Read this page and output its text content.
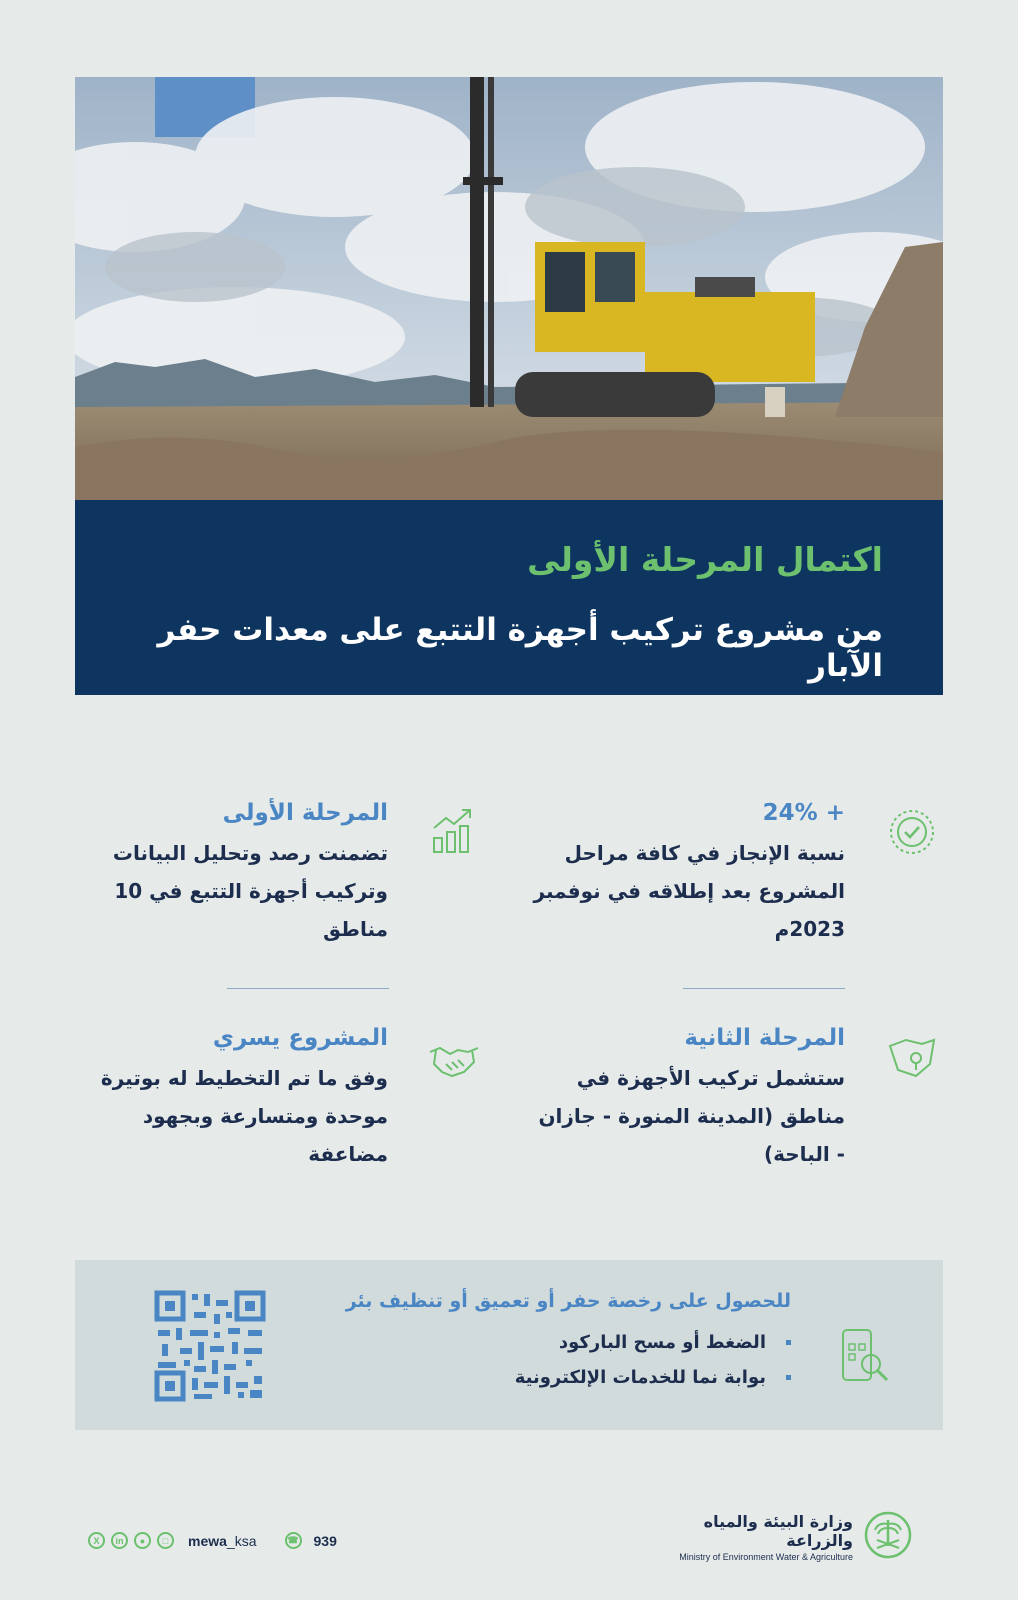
اكتمال المرحلة الأولى
من مشروع تركيب أجهزة التتبع على معدات حفر الآبار

+ 24%

نسبة الإنجاز في كافة مراحل المشروع بعد إطلاقه في نوفمبر 2023م

المرحلة الأولى

تضمنت رصد وتحليل البيانات وتركيب أجهزة التتبع في 10 مناطق

المرحلة الثانية

ستشمل تركيب الأجهزة في مناطق (المدينة المنورة - جازان - الباحة)

المشروع يسري

وفق ما تم التخطيط له بوتيرة موحدة ومتسارعة وبجهود مضاعفة

للحصول على رخصة حفر أو تعميق أو تنظيف بئر

الضغط أو مسح الباركود
بوابة نما للخدمات الإلكترونية

وزارة البيئة والمياه والزراعة

Ministry of Environment Water & Agriculture

X	in	●	□	mewa_ksa	☎ 939
